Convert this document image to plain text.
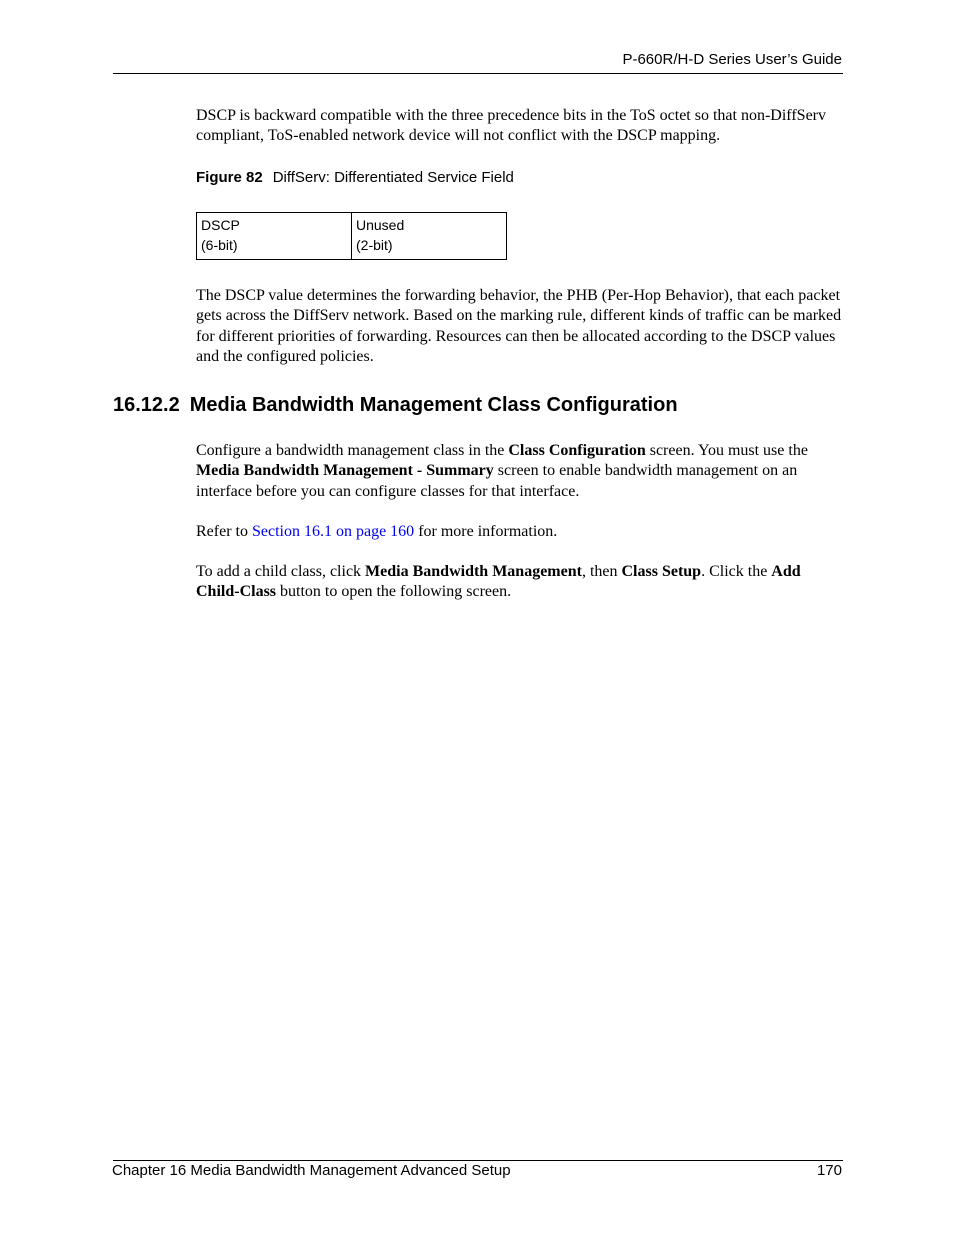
P-660R/H-D Series User’s Guide
DSCP is backward compatible with the three precedence bits in the ToS octet so that non-DiffServ compliant, ToS-enabled network device will not conflict with the DSCP mapping.
Figure 82 DiffServ: Differentiated Service Field
DSCP
(6-bit)

Unused
(2-bit)
The DSCP value determines the forwarding behavior, the PHB (Per-Hop Behavior), that each packet gets across the DiffServ network. Based on the marking rule, different kinds of traffic can be marked for different priorities of forwarding. Resources can then be allocated according to the DSCP values and the configured policies.
16.12.2 Media Bandwidth Management Class Configuration
Configure a bandwidth management class in the Class Configuration screen. You must use the Media Bandwidth Management - Summary screen to enable bandwidth management on an interface before you can configure classes for that interface.
Refer to Section 16.1 on page 160 for more information.
To add a child class, click Media Bandwidth Management, then Class Setup. Click the Add Child-Class button to open the following screen.
Chapter 16 Media Bandwidth Management Advanced Setup	170
